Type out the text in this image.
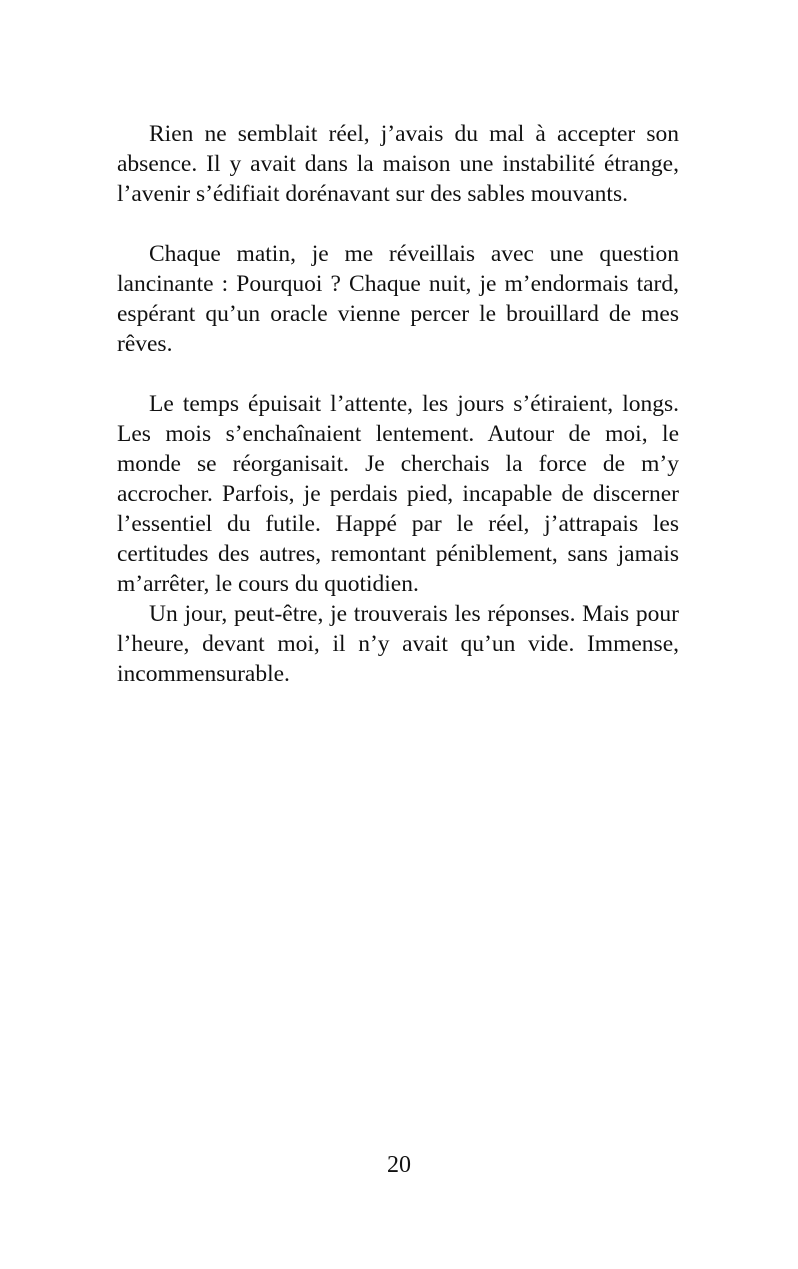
Rien ne semblait réel, j’avais du mal à accepter son absence. Il y avait dans la maison une instabilité étrange, l’avenir s’édifiait dorénavant sur des sables mouvants.

Chaque matin, je me réveillais avec une question lancinante : Pourquoi ? Chaque nuit, je m’endormais tard, espérant qu’un oracle vienne percer le brouillard de mes rêves.

Le temps épuisait l’attente, les jours s’étiraient, longs. Les mois s’enchaînaient lentement. Autour de moi, le monde se réorganisait. Je cherchais la force de m’y accrocher. Parfois, je perdais pied, incapable de discerner l’essentiel du futile. Happé par le réel, j’attrapais les certitudes des autres, remontant péniblement, sans jamais m’arrêter, le cours du quotidien.

Un jour, peut-être, je trouverais les réponses. Mais pour l’heure, devant moi, il n’y avait qu’un vide. Immense, incommensurable.

20
